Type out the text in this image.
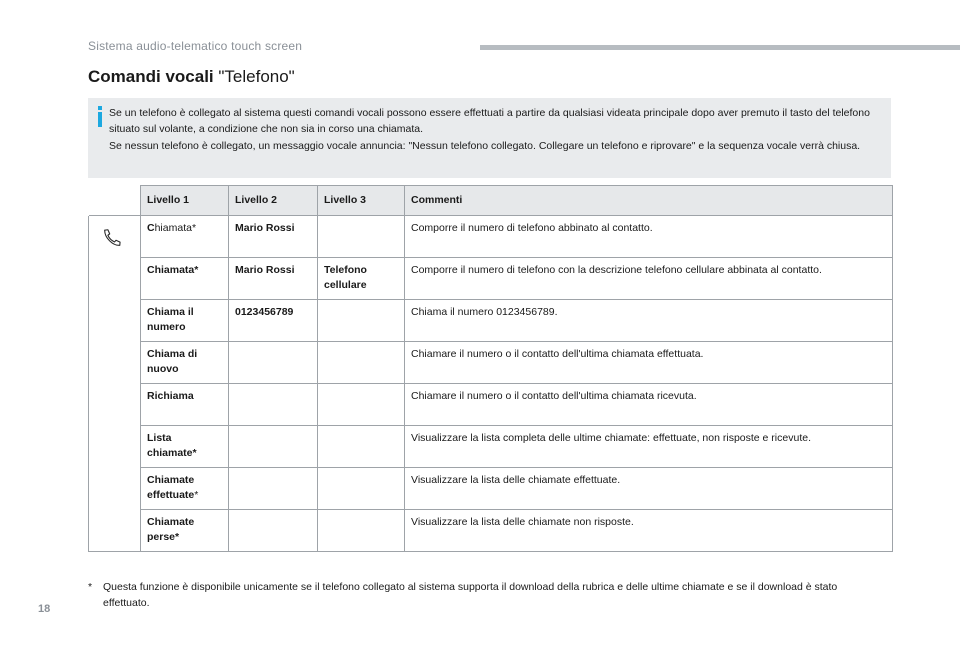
Sistema audio-telematico touch screen
Comandi vocali "Telefono"

Se un telefono è collegato al sistema questi comandi vocali possono essere effettuati a partire da qualsiasi videata principale dopo aver premuto il tasto del telefono situato sul volante, a condizione che non sia in corso una chiamata.

Se nessun telefono è collegato, un messaggio vocale annuncia: "Nessun telefono collegato. Collegare un telefono e riprovare" e la sequenza vocale verrà chiusa.

	Livello 1	Livello 2	Livello 3	Commenti

	Chiamata*	Mario Rossi		Comporre il numero di telefono abbinato al contatto.
	Chiamata*	Mario Rossi	Telefono cellulare	Comporre il numero di telefono con la descrizione telefono cellulare abbinata al contatto.
	Chiama il numero	0123456789		Chiama il numero 0123456789.
	Chiama di nuovo			Chiamare il numero o il contatto dell'ultima chiamata effettuata.
	Richiama			Chiamare il numero o il contatto dell'ultima chiamata ricevuta.
	Lista chiamate*			Visualizzare la lista completa delle ultime chiamate: effettuate, non risposte e ricevute.
	Chiamate effettuate*			Visualizzare la lista delle chiamate effettuate.
	Chiamate perse*			Visualizzare la lista delle chiamate non risposte.
* Questa funzione è disponibile unicamente se il telefono collegato al sistema supporta il download della rubrica e delle ultime chiamate e se il download è stato effettuato.
18
